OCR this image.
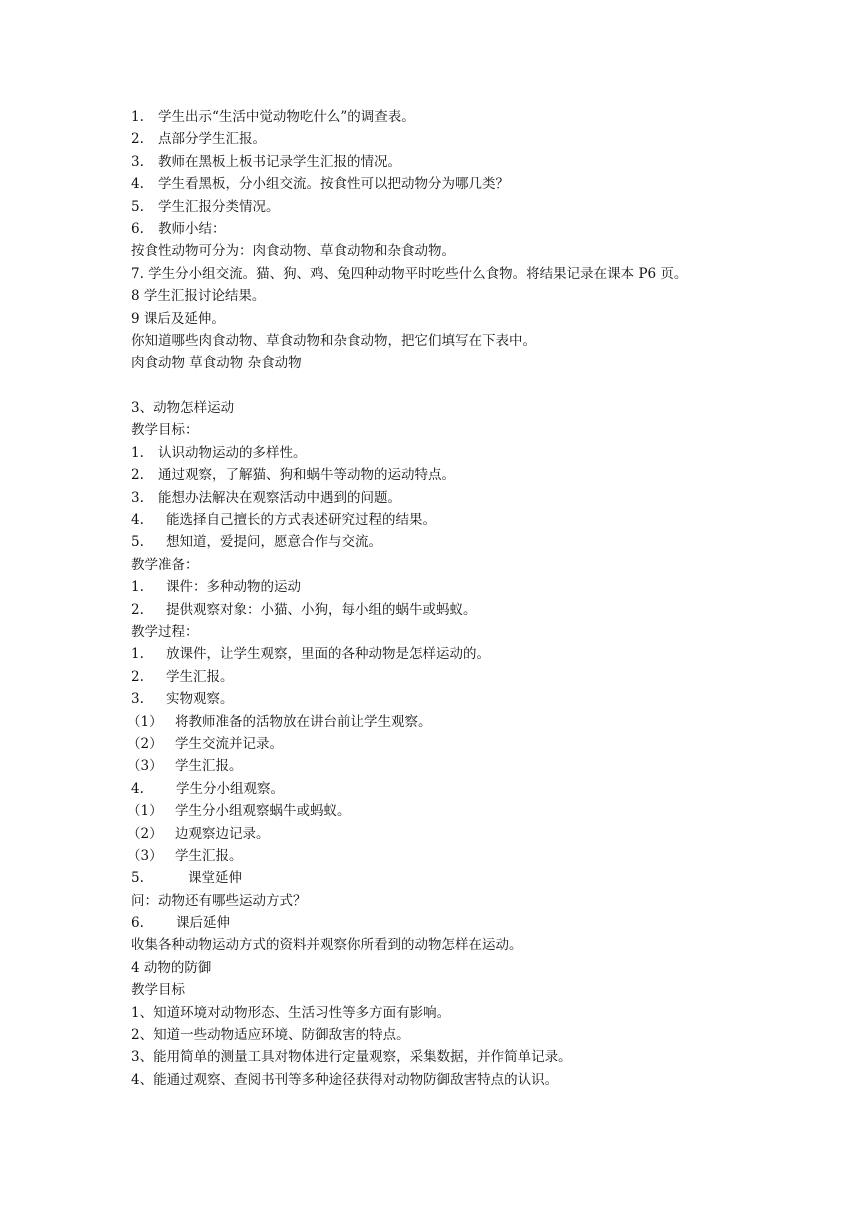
1. 学生出示“生活中觉动物吃什么”的调查表。
2. 点部分学生汇报。
3. 教师在黑板上板书记录学生汇报的情况。
4. 学生看黑板，分小组交流。按食性可以把动物分为哪几类？
5. 学生汇报分类情况。
6. 教师小结：
按食性动物可分为：肉食动物、草食动物和杂食动物。
7. 学生分小组交流。猫、狗、鸡、兔四种动物平时吃些什么食物。将结果记录在课本 P6 页。
8 学生汇报讨论结果。
9 课后及延伸。
你知道哪些肉食动物、草食动物和杂食动物，把它们填写在下表中。
肉食动物 草食动物 杂食动物
3、动物怎样运动
教学目标：
1. 认识动物运动的多样性。
2. 通过观察，了解猫、狗和蜗牛等动物的运动特点。
3. 能想办法解决在观察活动中遇到的问题。
4. 能选择自己擅长的方式表述研究过程的结果。
5. 想知道，爱提问，愿意合作与交流。
教学准备：
1. 课件：多种动物的运动
2. 提供观察对象：小猫、小狗，每小组的蜗牛或蚂蚁。
教学过程：
1. 放课件，让学生观察，里面的各种动物是怎样运动的。
2. 学生汇报。
3. 实物观察。
（1） 将教师准备的活物放在讲台前让学生观察。
（2） 学生交流并记录。
（3） 学生汇报。
4. 学生分小组观察。
（1） 学生分小组观察蜗牛或蚂蚁。
（2） 边观察边记录。
（3） 学生汇报。
5.	课堂延伸
问：动物还有哪些运动方式？
6. 课后延伸
收集各种动物运动方式的资料并观察你所看到的动物怎样在运动。
4 动物的防御
教学目标
1、知道环境对动物形态、生活习性等多方面有影响。
2、知道一些动物适应环境、防御敌害的特点。
3、能用简单的测量工具对物体进行定量观察，采集数据，并作简单记录。
4、能通过观察、查阅书刊等多种途径获得对动物防御敌害特点的认识。
